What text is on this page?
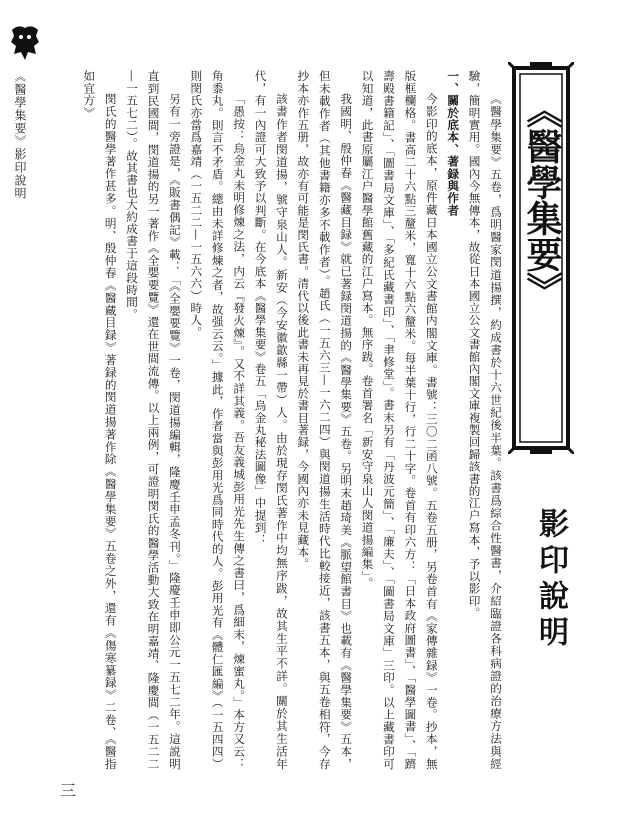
《醫學集要》影印說明	《醫學集要》
影印說明

《醫學集要》五卷，爲明醫家閔道揚撰，約成書於十六世紀後半葉。該書爲綜合性醫書，介紹臨證各科病證的治療方法與經驗，簡明實用。國內今無傳本，故從日本國立公文書館內閣文庫複製回歸該書的江户寫本，予以影印。

一、關於底本、著録與作者

今影印的底本，原件藏日本國立公文書館内閣文庫。書號：三〇二函八號。五卷五册，另卷首有《家傳雜録》一卷。抄本，無版框欄格。書高二十六點三釐米，寬十六點六釐米。每半葉十行，行二十字。卷首有印六方：「日本政府圖書」、「醫學圖書」、「躋壽殿書籍記」、「圖書局文庫」、「多紀氏藏書印」、「聿修堂」。書末另有「丹波元簡」、「廉夫」、「圖書局文庫」三印。以上藏書印可以知道，此書原屬江户醫學館舊藏的江户寫本。無序跋。卷首署名「新安守泉山人閔道揚編集」。

我國明、殷仲春《醫藏目録》就已著録閔道揚的《醫學集要》五卷。另明末趙琦美《脈望館書目》也載有《醫學集要》五本，但未載作者（其他書籍亦多不載作者）。趙氏（一五六三—一六二四）與閔道揚生活時代比較接近，該書五本，與五卷相符，今存抄本亦作五册，故亦有可能是閔氏書。清代以後此書未再見於書目著録，今國內亦未見藏本。

該書作者閔道揚，號守泉山人。新安（今安徽歙縣一帶）人。由於現存閔氏著作中均無序跋，故其生平不詳。關於其生活年代，有一內證可大致予以判斷。在今底本《醫學集要》卷五「烏金丸秘法圖像」中提到：

「愚按：烏金丸未明修煉之法，内云『發火煉』。又不詳其義。吾友義城彭用光先生傳之書曰，爲細末，煉蜜丸。」本方又云：角黍丸。則言不矛盾。總由未詳修煉之者，故强云云。」據此，作者當與彭用光爲同時代的人。彭用光有《體仁匯編》（一五四四）則閔氏亦當爲嘉靖（一五二二—一五六六）時人。

另有一旁證是，《販書偶記》載：「《全嬰要覽》一卷，閔道揚編輯，隆慶壬申孟冬刊。」隆慶壬申即公元一五七二年。這説明直到民國間，閔道揚的另一著作《全嬰要覽》還在世間流傳。以上兩例，可證明閔氏的醫學活動大致在明嘉靖、隆慶間（一五二二—一五七二）。故其書也大約成書于這段時間。

閔氏的醫學著作甚多。明、殷仲春《醫藏目録》著録的閔道揚著作除《醫學集要》五卷之外，還有《傷寒纂録》二卷、《醫指如宜方》

三
